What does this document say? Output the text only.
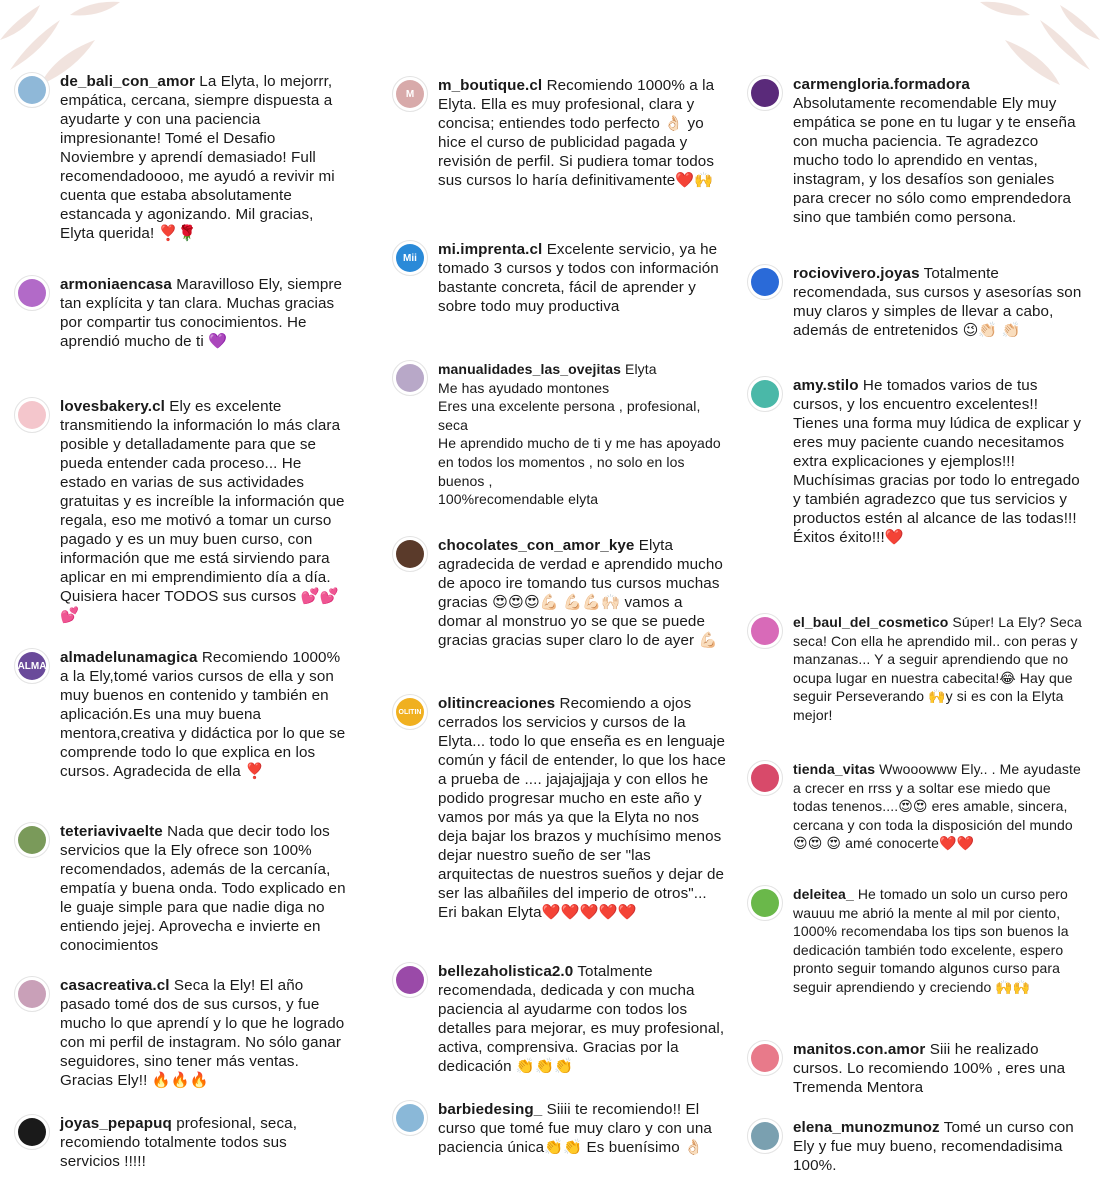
de_bali_con_amor La Elyta, lo mejorrr, empática, cercana, siempre dispuesta a ayudarte y con una paciencia impresionante! Tomé el Desafio Noviembre y aprendí demasiado! Full recomendadoooo, me ayudó a revivir mi cuenta que estaba absolutamente estancada y agonizando. Mil gracias, Elyta querida! ❣️🌹
armoniaencasa Maravilloso Ely, siempre tan explícita y tan clara. Muchas gracias por compartir tus conocimientos. He aprendió mucho de ti 💜
lovesbakery.cl Ely es excelente transmitiendo la información lo más clara posible y detalladamente para que se pueda entender cada proceso... He estado en varias de sus actividades gratuitas y es increíble la información que regala, eso me motivó a tomar un curso pagado y es un muy buen curso, con información que me está sirviendo para aplicar en mi emprendimiento día a día. Quisiera hacer TODOS sus cursos 💕💕💕
ALMA almadelunamagica Recomiendo 1000% a la Ely,tomé varios cursos de ella y son muy buenos en contenido y también en aplicación.Es una muy buena mentora,creativa y didáctica por lo que se comprende todo lo que explica en los cursos. Agradecida de ella ❣️
teteriavivaelte Nada que decir todo los servicios que la Ely ofrece son 100% recomendados, además de la cercanía, empatía y buena onda. Todo explicado en le guaje simple para que nadie diga no entiendo jejej. Aprovecha e invierte en conocimientos
casacreativa.cl Seca la Ely! El año pasado tomé dos de sus cursos, y fue mucho lo que aprendí y lo que he logrado con mi perfil de instagram. No sólo ganar seguidores, sino tener más ventas. Gracias Ely!! 🔥🔥🔥
joyas_pepapuq profesional, seca, recomiendo totalmente todos sus servicios !!!!!
M	m_boutique.cl Recomiendo 1000% a la Elyta. Ella es muy profesional, clara y concisa; entiendes todo perfecto 👌🏻 yo hice el curso de publicidad pagada y revisión de perfil. Si pudiera tomar todos sus cursos lo haría definitivamente❤️🙌
Mii	mi.imprenta.cl Excelente servicio, ya he tomado 3 cursos y todos con información bastante concreta, fácil de aprender y sobre todo muy productiva
manualidades_las_ovejitas Elyta
Me has ayudado montones
Eres una excelente persona , profesional, seca
He aprendido mucho de ti y me has apoyado en todos los momentos , no solo en los buenos ,
100%recomendable elyta
chocolates_con_amor_kye Elyta agradecida de verdad e aprendido mucho de apoco ire tomando tus cursos muchas gracias 😍😍😍💪🏻 💪🏻💪🏻🙌🏻 vamos a domar al monstruo yo se que se puede gracias gracias super claro lo de ayer 💪🏻
OLITIN olitincreaciones Recomiendo a ojos cerrados los servicios y cursos de la Elyta... todo lo que enseña es en lenguaje común y fácil de entender, lo que los hace a prueba de .... jajajajjaja y con ellos he podido progresar mucho en este año y vamos por más ya que la Elyta no nos deja bajar los brazos y muchísimo menos dejar nuestro sueño de ser "las arquitectas de nuestros sueños y dejar de ser las albañiles del imperio de otros"... Eri bakan Elyta❤️❤️❤️❤️❤️
bellezaholistica2.0 Totalmente recomendada, dedicada y con mucha paciencia al ayudarme con todos los detalles para mejorar, es muy profesional, activa, comprensiva. Gracias por la dedicación 👏👏👏
barbiedesing_ Siiii te recomiendo!! El curso que tomé fue muy claro y con una paciencia única👏👏 Es buenísimo 👌🏻
carmengloria.formadora
Absolutamente recomendable Ely muy empática se pone en tu lugar y te enseña con mucha paciencia. Te agradezco mucho todo lo aprendido en ventas, instagram, y los desafíos son geniales para crecer no sólo como emprendedora sino que también como persona.
rociovivero.joyas Totalmente recomendada, sus cursos y asesorías son muy claros y simples de llevar a cabo, además de entretenidos 😉👏🏻 👏🏻
amy.stilo He tomados varios de tus cursos, y los encuentro excelentes!! Tienes una forma muy lúdica de explicar y eres muy paciente cuando necesitamos extra explicaciones y ejemplos!!!
Muchísimas gracias por todo lo entregado y también agradezco que tus servicios y productos estén al alcance de las todas!!!
Éxitos éxito!!!❤️
el_baul_del_cosmetico Súper! La Ely? Seca seca! Con ella he aprendido mil.. con peras y manzanas... Y a seguir aprendiendo que no ocupa lugar en nuestra cabecita!😂 Hay que seguir Perseverando 🙌y si es con la Elyta mejor!
tienda_vitas Wwooowww Ely.. . Me ayudaste a crecer en rrss y a soltar ese miedo que todas tenenos....😍😍 eres amable, sincera, cercana y con toda la disposición del mundo😍😍 😍 amé conocerte❤️❤️
deleitea_ He tomado un solo un curso pero wauuu me abrió la mente al mil por ciento, 1000% recomendaba los tips son buenos la dedicación también todo excelente, espero pronto seguir tomando algunos curso para seguir aprendiendo y creciendo 🙌🙌
manitos.con.amor Siii he realizado cursos. Lo recomiendo 100% , eres una Tremenda Mentora
elena_munozmunoz Tomé un curso con Ely y fue muy bueno, recomendadisima 100%.
